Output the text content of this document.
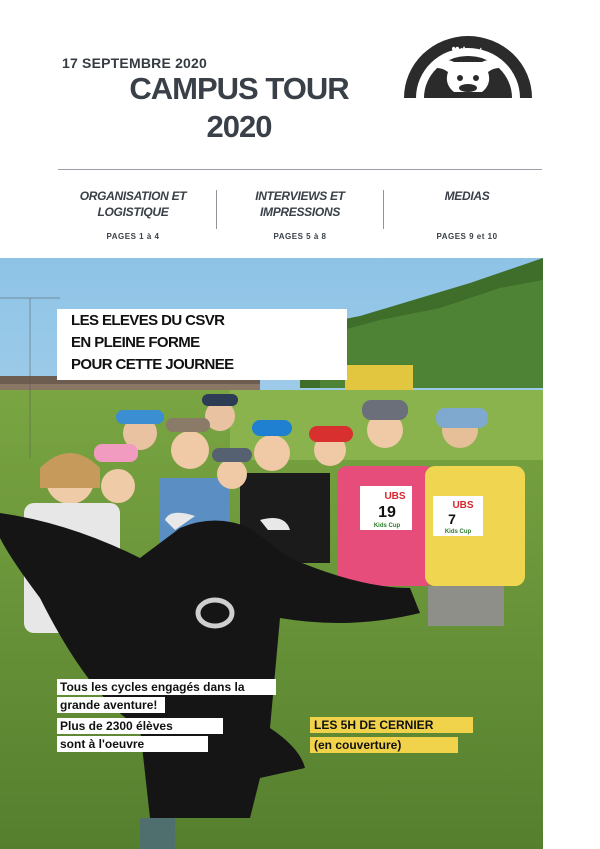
17 SEPTEMBRE 2020
CAMPUS TOUR
2020
♥✱≈+
ORGANISATION ET
LOGISTIQUE
PAGES 1 à 4
INTERVIEWS ET
IMPRESSIONS
PAGES 5 à 8
MEDIAS
PAGES 9 et 10
UBS
19
Kids Cup
UBS
7
Kids Cup
LES ELEVES DU CSVR
EN PLEINE FORME
POUR CETTE JOURNEE
Tous les cycles engagés dans la
grande aventure!
Plus de 2300 élèves
sont à l'oeuvre
LES 5H DE CERNIER
(en couverture)
